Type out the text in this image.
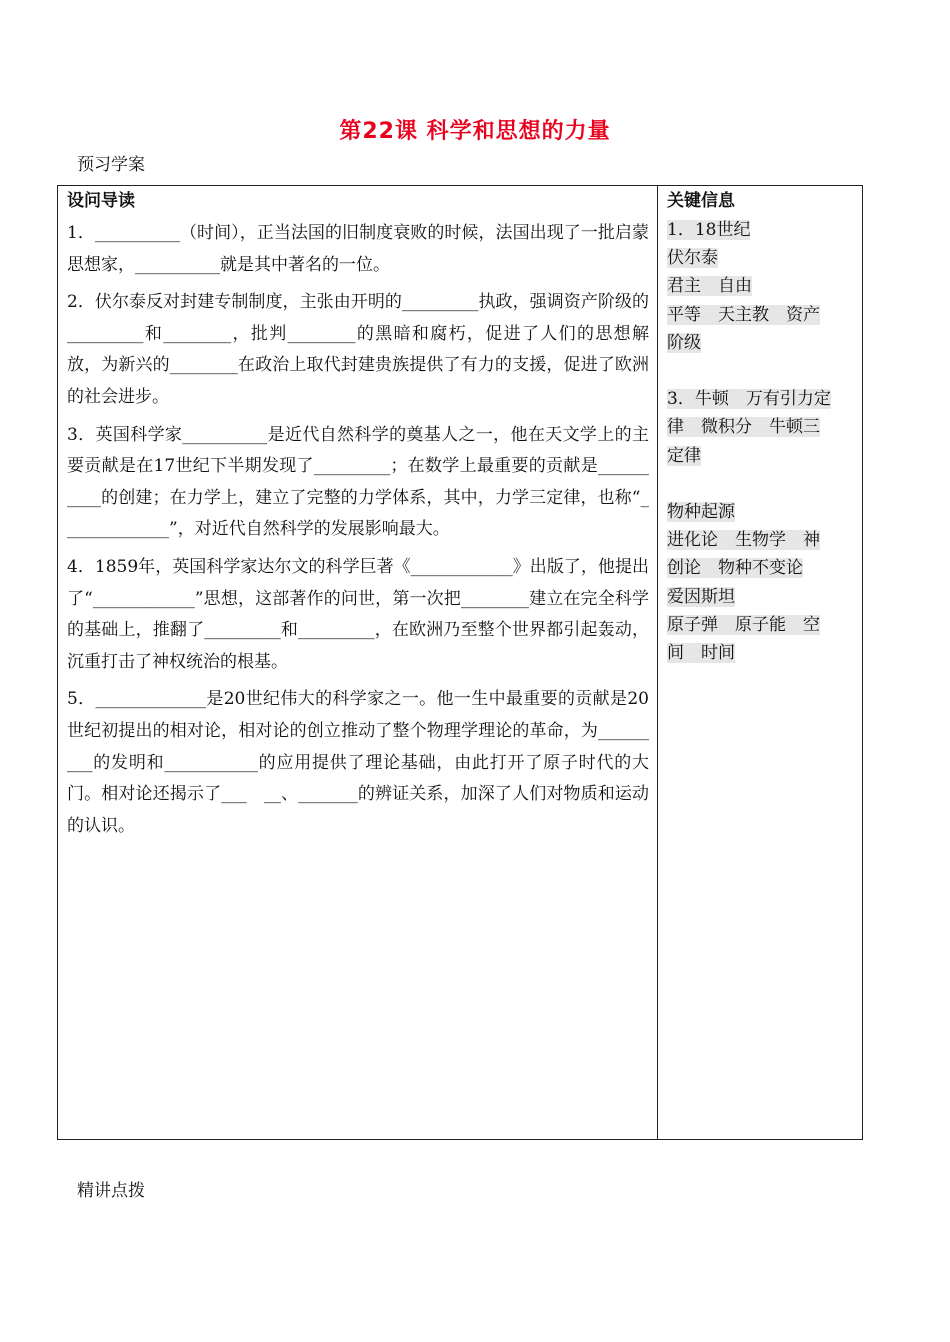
第22课 科学和思想的力量
预习学案
设问导读
1．__________（时间），正当法国的旧制度衰败的时候，法国出现了一批启蒙思想家，__________就是其中著名的一位。
2．伏尔泰反对封建专制制度，主张由开明的_________执政，强调资产阶级的_________和________，批判________的黑暗和腐朽，促进了人们的思想解放，为新兴的________在政治上取代封建贵族提供了有力的支援，促进了欧洲的社会进步。
3．英国科学家__________是近代自然科学的奠基人之一，他在天文学上的主要贡献是在17世纪下半期发现了_________；在数学上最重要的贡献是__________的创建；在力学上，建立了完整的力学体系，其中，力学三定律，也称“_____________”，对近代自然科学的发展影响最大。
4．1859年，英国科学家达尔文的科学巨著《____________》出版了，他提出了“____________”思想，这部著作的问世，第一次把________建立在完全科学的基础上，推翻了_________和_________，在欧洲乃至整个世界都引起轰动，沉重打击了神权统治的根基。
5．_____________是20世纪伟大的科学家之一。他一生中最重要的贡献是20世纪初提出的相对论，相对论的创立推动了整个物理学理论的革命，为_________的发明和___________的应用提供了理论基础，由此打开了原子时代的大门。相对论还揭示了___　__、_______的辨证关系，加深了人们对物质和运动的认识。
关键信息
1．18世纪
伏尔泰
君主　自由
平等　天主教　资产
阶级
3．牛顿　万有引力定
律　微积分　牛顿三
定律
物种起源
进化论　生物学　神
创论　物种不变论
爱因斯坦
原子弹　原子能　空
间　时间
精讲点拨
